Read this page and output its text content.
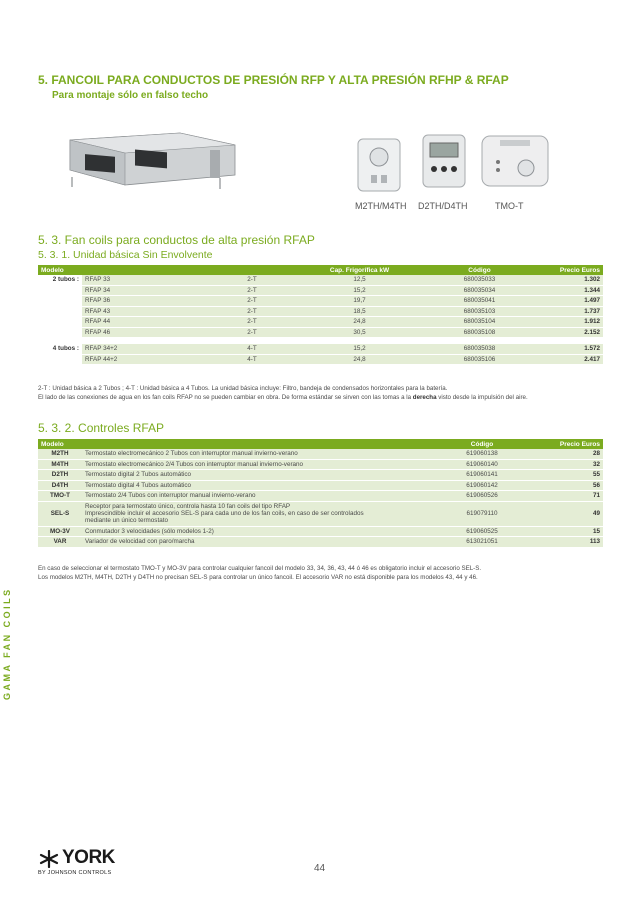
GAMA FAN COILS
5. FANCOIL PARA CONDUCTOS DE PRESIÓN RFP Y ALTA PRESIÓN RFHP & RFAP
Para montaje sólo en falso techo
M2TH/M4TH D2TH/D4TH	TMO-T
5. 3. Fan coils para conductos de alta presión RFAP
5. 3. 1. Unidad básica Sin Envolvente
Modelo			Cap. Frigorífica kW	Código	Precio Euros
2 tubos :	RFAP 33	2-T	12,5	680035033	1.302
	RFAP 34	2-T	15,2	680035034	1.344
	RFAP 36	2-T	19,7	680035041	1.497
	RFAP 43	2-T	18,5	680035103	1.737
	RFAP 44	2-T	24,8	680035104	1.912
	RFAP 46	2-T	30,5	680035108	2.152

4 tubos :	RFAP 34+2	4-T	15,2	680035038	1.572
	RFAP 44+2	4-T	24,8	680035106	2.417
2-T : Unidad básica a 2 Tubos ; 4-T : Unidad básica a 4 Tubos. La unidad básica incluye: Filtro, bandeja de condensados horizontales para la batería.
El lado de las conexiones de agua en los fan coils RFAP no se pueden cambiar en obra. De forma estándar se sirven con las tomas a la derecha visto desde la impulsión del aire.
5. 3. 2. Controles RFAP
Modelo		Código	Precio Euros
M2TH	Termostato electromecánico 2 Tubos con interruptor manual invierno-verano	619060138	28
M4TH	Termostato electromecánico 2/4 Tubos con interruptor manual invierno-verano	619060140	32
D2TH	Termostato digital 2 Tubos automático	619060141	55
D4TH	Termostato digital 4 Tubos automático	619060142	56
TMO-T	Termostato 2/4 Tubos con interruptor manual invierno-verano	619060526	71
SEL-S	Receptor para termostato único, controla hasta 10 fan coils del tipo RFAP
Imprescindible incluir el accesorio SEL-S para cada uno de los fan coils, en caso de ser controlados
mediante un único termostato	619079110	49
MO-3V	Conmutador 3 velocidades (sólo modelos 1-2)	619060525	15
VAR	Variador de velocidad con paro/marcha	613021051	113
En caso de seleccionar el termostato TMO-T y MO-3V para controlar cualquier fancoil del modelo 33, 34, 36, 43, 44 ó 46 es obligatorio incluir el accesorio SEL-S.
Los modelos M2TH, M4TH, D2TH y D4TH no precisan SEL-S para controlar un único fancoil. El accesorio VAR no está disponible para los modelos 43, 44 y 46.
YORK
BY JOHNSON CONTROLS	44
